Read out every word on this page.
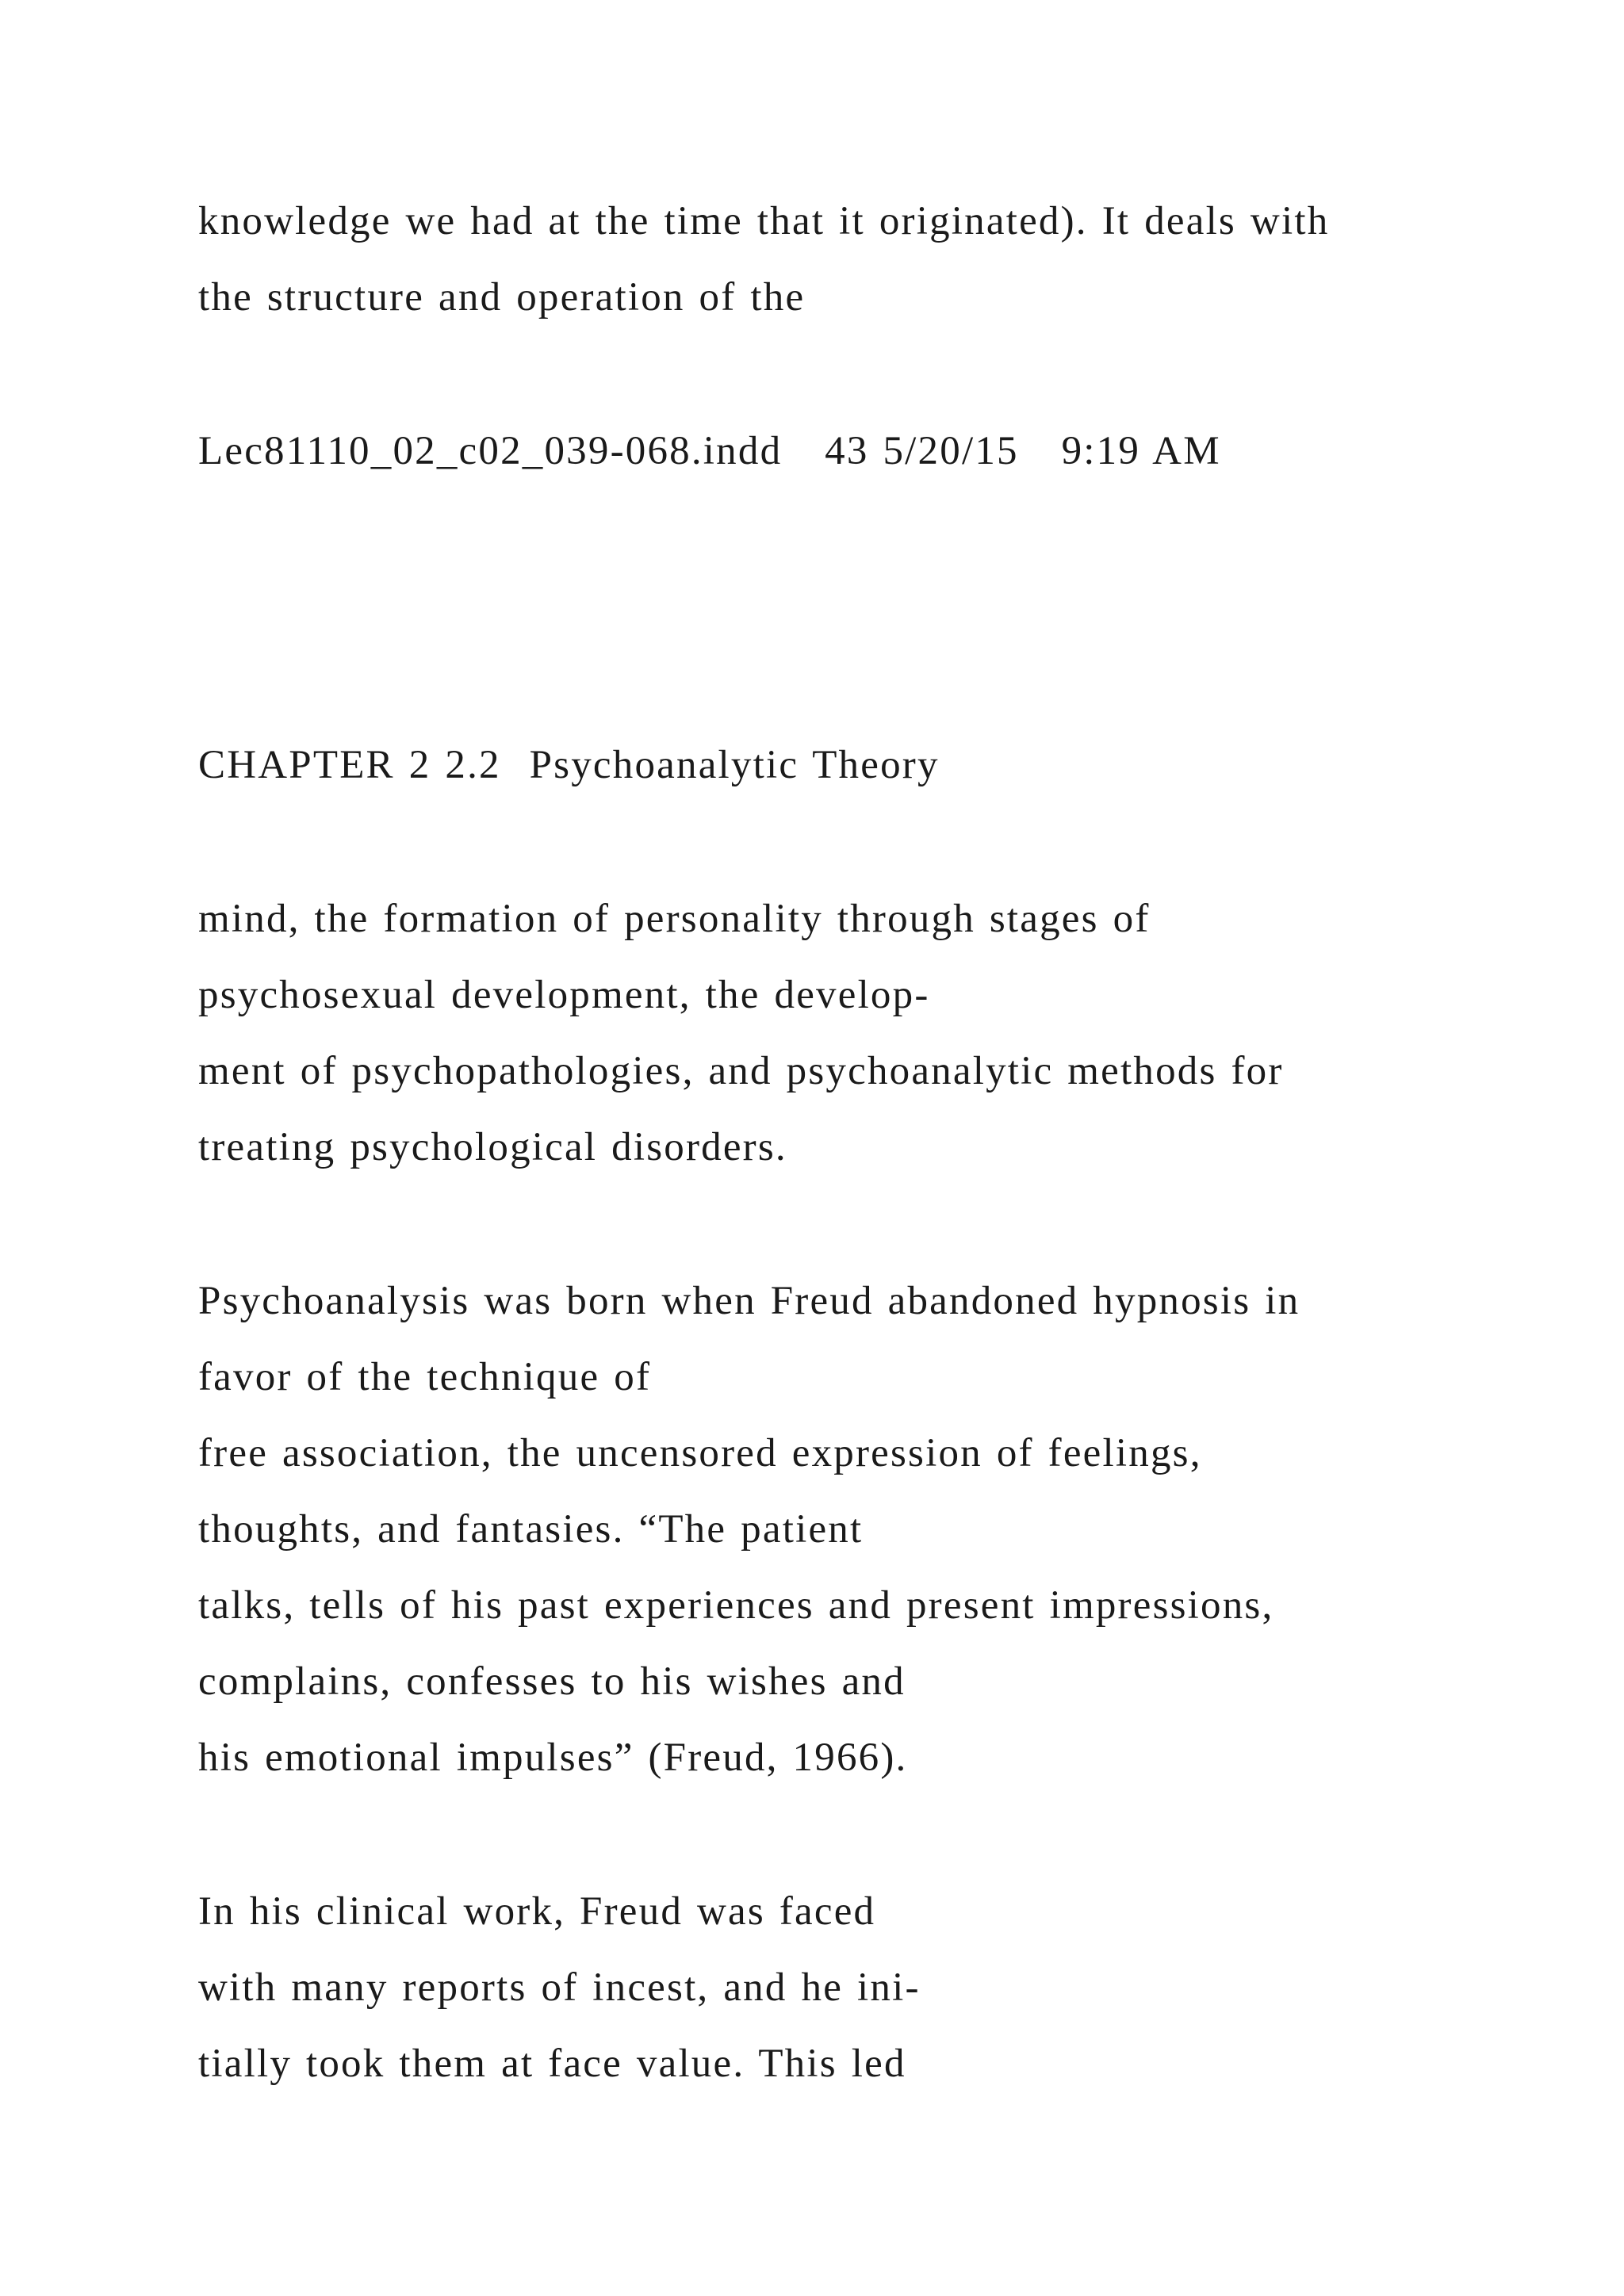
knowledge we had at the time that it originated). It deals with

the structure and operation of the

Lec81110_02_c02_039-068.indd   43 5/20/15   9:19 AM

CHAPTER 2 2.2  Psychoanalytic Theory

mind, the formation of personality through stages of

psychosexual development, the develop-

ment of psychopathologies, and psychoanalytic methods for

treating psychological disorders.

Psychoanalysis was born when Freud abandoned hypnosis in

favor of the technique of

free association, the uncensored expression of feelings,

thoughts, and fantasies. “The patient

talks, tells of his past experiences and present impressions,

complains, confesses to his wishes and

his emotional impulses” (Freud, 1966).

In his clinical work, Freud was faced

with many reports of incest, and he ini-

tially took them at face value. This led
